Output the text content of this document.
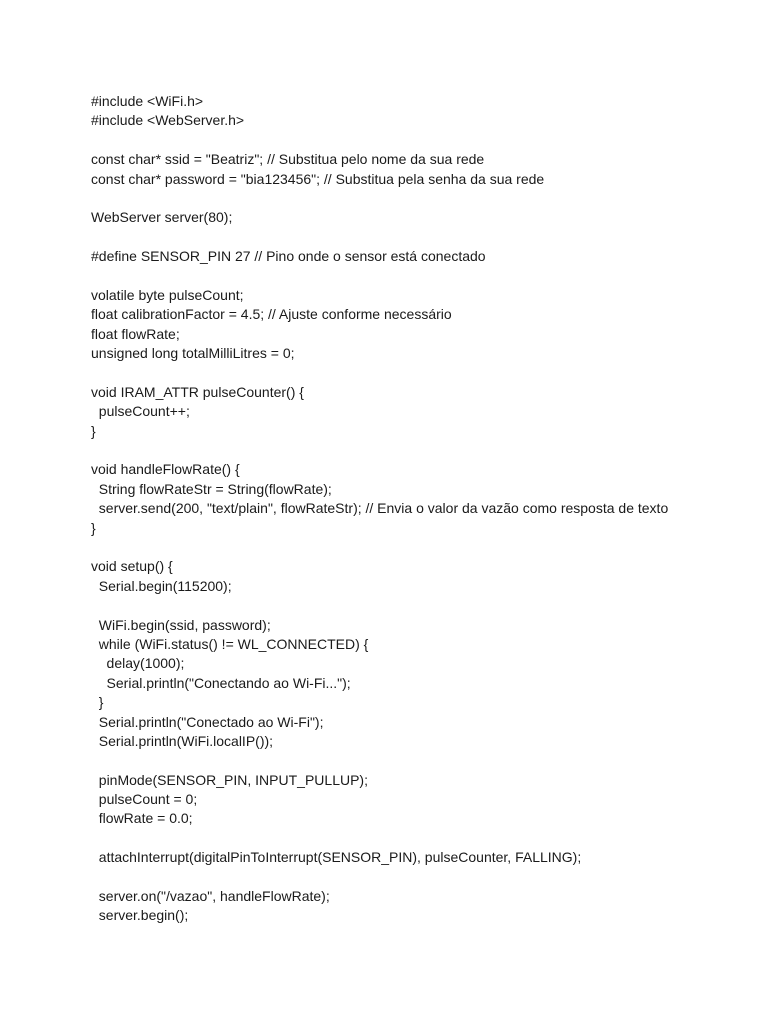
#include <WiFi.h>
#include <WebServer.h>
const char* ssid = "Beatriz"; // Substitua pelo nome da sua rede
const char* password = "bia123456"; // Substitua pela senha da sua rede
WebServer server(80);
#define SENSOR_PIN 27 // Pino onde o sensor está conectado
volatile byte pulseCount;
float calibrationFactor = 4.5; // Ajuste conforme necessário
float flowRate;
unsigned long totalMilliLitres = 0;
void IRAM_ATTR pulseCounter() {
pulseCount++;
}
void handleFlowRate() {
String flowRateStr = String(flowRate);
server.send(200, "text/plain", flowRateStr); // Envia o valor da vazão como resposta de texto
}
void setup() {
Serial.begin(115200);
WiFi.begin(ssid, password);
while (WiFi.status() != WL_CONNECTED) {
delay(1000);
Serial.println("Conectando ao Wi-Fi...");
}
Serial.println("Conectado ao Wi-Fi");
Serial.println(WiFi.localIP());
pinMode(SENSOR_PIN, INPUT_PULLUP);
pulseCount = 0;
flowRate = 0.0;
attachInterrupt(digitalPinToInterrupt(SENSOR_PIN), pulseCounter, FALLING);
server.on("/vazao", handleFlowRate);
server.begin();
